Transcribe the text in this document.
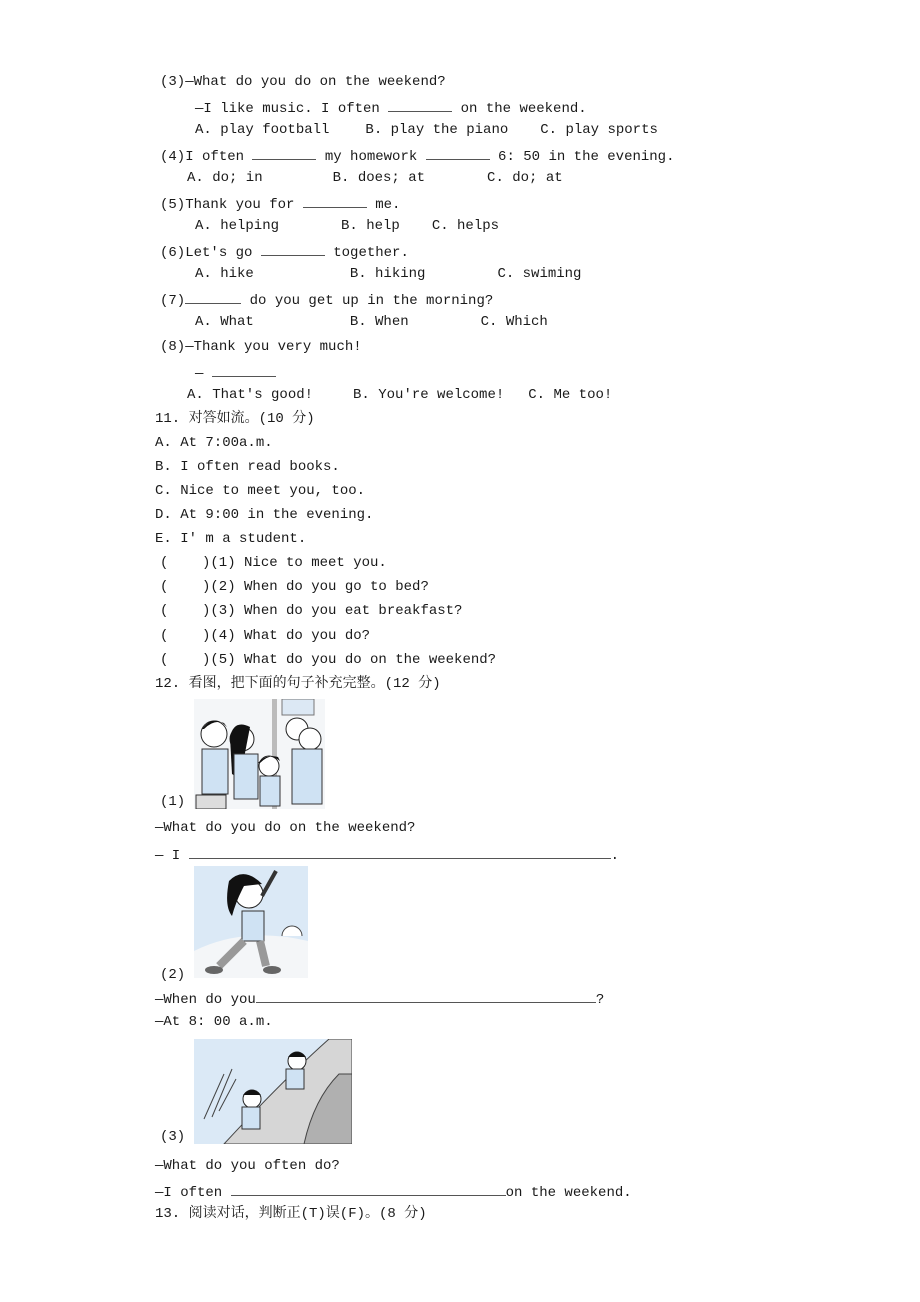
(3)—What do you do on the weekend?
—I like music. I often	on the weekend.
A. play football	B. play the piano C. play sports
(4)I often	my homework	6: 50 in the evening.
A. do; in	B. does; at	C. do; at
(5)Thank you for	me.
A. helping	B. help C. helps
(6)Let's go	together.
A. hike	B. hiking	C. swiming
(7)	do you get up in the morning?
A. What	B. When	C. Which
(8)—Thank you very much!
—
A. That's good!	B. You're welcome! C. Me too!
11. 对答如流。(10 分)
A. At 7:00a.m.
B. I often read books.
C. Nice to meet you, too.
D. At 9:00 in the evening.
E. I' m a student.
(    )(1) Nice to meet you.
(    )(2) When do you go to bed?
(    )(3) When do you eat breakfast?
(    )(4) What do you do?
(    )(5) What do you do on the weekend?
12. 看图，把下面的句子补充完整。(12 分)
(1)
—What do you do on the weekend?
— I	.
(2)
—When do you	?
—At 8: 00 a.m.
(3)
—What do you often do?
—I often	on the weekend.
13. 阅读对话，判断正(T)误(F)。(8 分)
